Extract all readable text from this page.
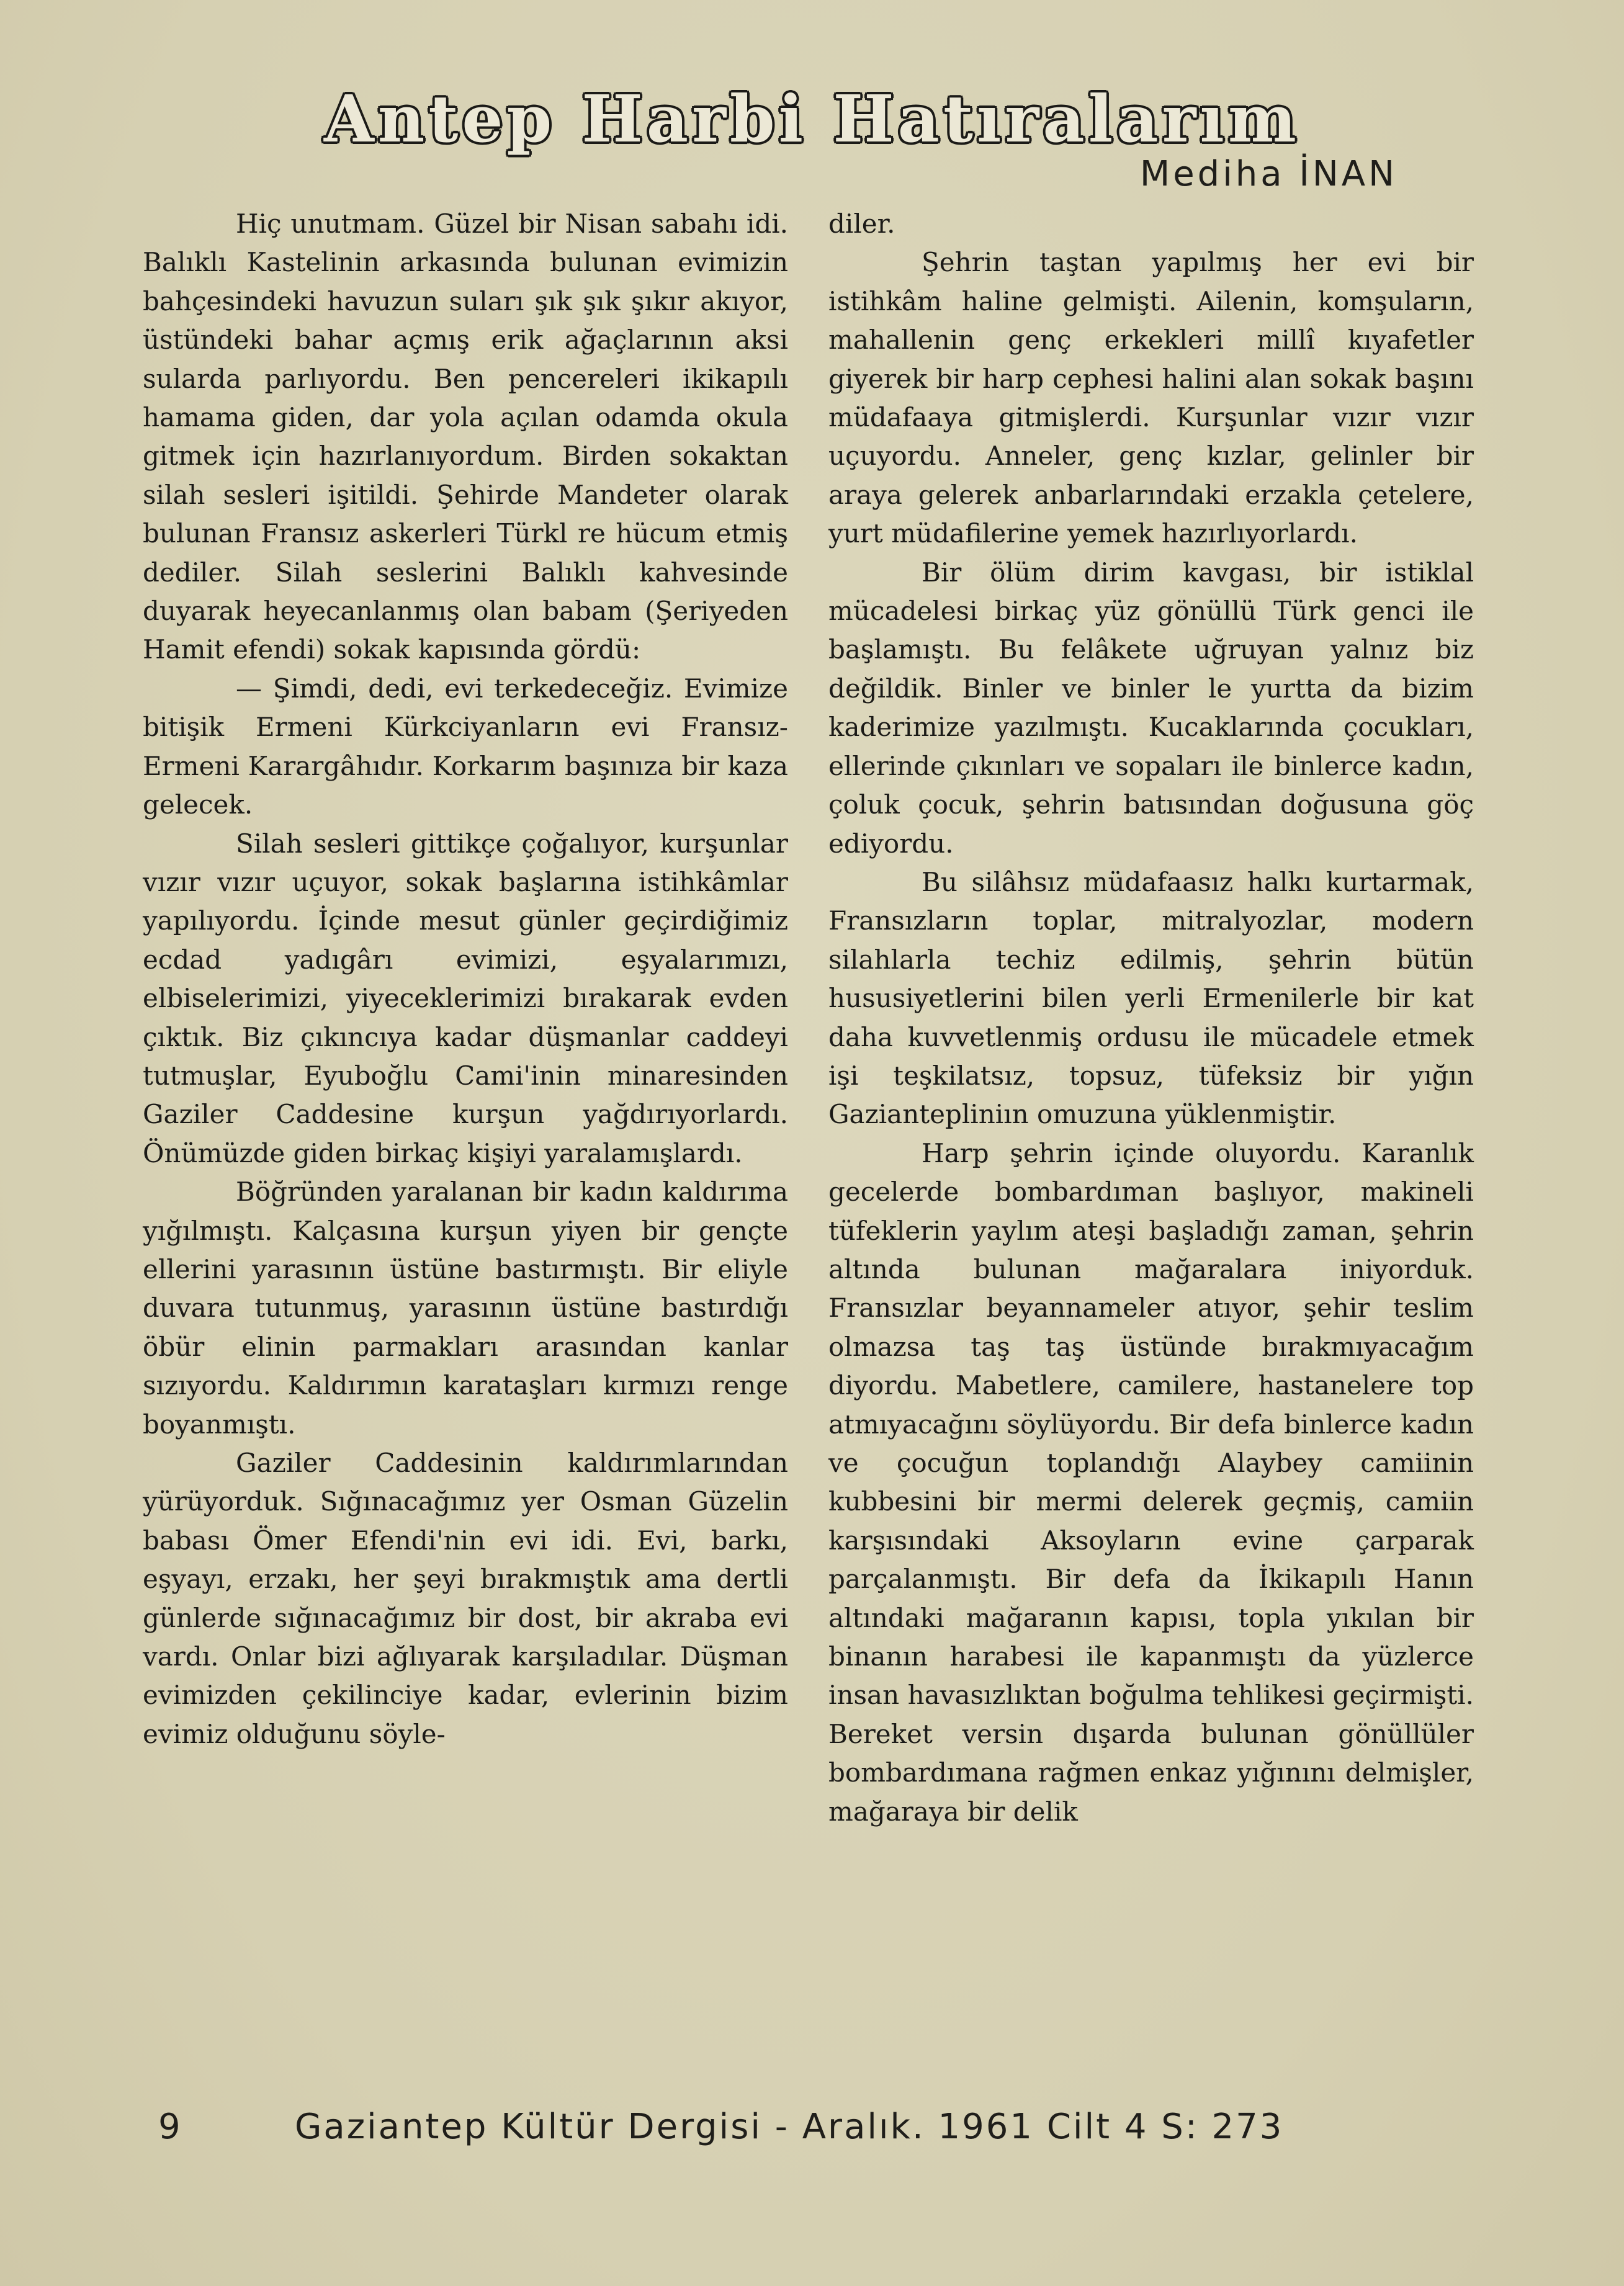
Antep Harbi Hatıralarım
Mediha İNAN

Hiç unutmam. Güzel bir Nisan sabahı idi. Balıklı Kastelinin arkasında bulunan evimizin bahçesindeki havuzun suları şık şık şıkır akıyor, üstündeki bahar açmış erik ağaçlarının aksi sularda parlıyordu. Ben pencereleri ikikapılı hamama giden, dar yola açılan odamda okula gitmek için hazırlanıyordum. Birden sokaktan silah sesleri işitildi. Şehirde Mandeter olarak bulunan Fransız askerleri Türkl re hücum etmiş dediler. Silah seslerini Balıklı kahvesinde duyarak heyecanlanmış olan babam (Şeriyeden Hamit efendi) sokak kapısında gördü:

— Şimdi, dedi, evi terkedeceğiz. Evimize bitişik Ermeni Kürkciyanların evi Fransız-Ermeni Karargâhıdır. Korkarım başınıza bir kaza gelecek.

Silah sesleri gittikçe çoğalıyor, kurşunlar vızır vızır uçuyor, sokak başlarına istihkâmlar yapılıyordu. İçinde mesut günler geçirdiğimiz ecdad yadıgârı evimizi, eşyalarımızı, elbiselerimizi, yiyeceklerimizi bırakarak evden çıktık. Biz çıkıncıya kadar düşmanlar caddeyi tutmuşlar, Eyuboğlu Cami'inin minaresinden Gaziler Caddesine kurşun yağdırıyorlardı. Önümüzde giden birkaç kişiyi yaralamışlardı.

Böğründen yaralanan bir kadın kaldırıma yığılmıştı. Kalçasına kurşun yiyen bir gençte ellerini yarasının üstüne bastırmıştı. Bir eliyle duvara tutunmuş, yarasının üstüne bastırdığı öbür elinin parmakları arasından kanlar sızıyordu. Kaldırımın karataşları kırmızı renge boyanmıştı.

Gaziler Caddesinin kaldırımlarından yürüyorduk. Sığınacağımız yer Osman Güzelin babası Ömer Efendi'nin evi idi. Evi, barkı, eşyayı, erzakı, her şeyi bırakmıştık ama dertli günlerde sığınacağımız bir dost, bir akraba evi vardı. Onlar bizi ağlıyarak karşıladılar. Düşman evimizden çekilinciye kadar, evlerinin bizim evimiz olduğunu söyle-

diler.

Şehrin taştan yapılmış her evi bir istihkâm haline gelmişti. Ailenin, komşuların, mahallenin genç erkekleri millî kıyafetler giyerek bir harp cephesi halini alan sokak başını müdafaaya gitmişlerdi. Kurşunlar vızır vızır uçuyordu. Anneler, genç kızlar, gelinler bir araya gelerek anbarlarındaki erzakla çetelere, yurt müdafilerine yemek hazırlıyorlardı.

Bir ölüm dirim kavgası, bir istiklal mücadelesi birkaç yüz gönüllü Türk genci ile başlamıştı. Bu felâkete uğruyan yalnız biz değildik. Binler ve binler le yurtta da bizim kaderimize yazılmıştı. Kucaklarında çocukları, ellerinde çıkınları ve sopaları ile binlerce kadın, çoluk çocuk, şehrin batısından doğusuna göç ediyordu.

Bu silâhsız müdafaasız halkı kurtarmak, Fransızların toplar, mitralyozlar, modern silahlarla techiz edilmiş, şehrin bütün hususiyetlerini bilen yerli Ermenilerle bir kat daha kuvvetlenmiş ordusu ile mücadele etmek işi teşkilatsız, topsuz, tüfeksiz bir yığın Gaziantepliniın omuzuna yüklenmiştir.

Harp şehrin içinde oluyordu. Karanlık gecelerde bombardıman başlıyor, makineli tüfeklerin yaylım ateşi başladığı zaman, şehrin altında bulunan mağaralara iniyorduk. Fransızlar beyannameler atıyor, şehir teslim olmazsa taş taş üstünde bırakmıyacağım diyordu. Mabetlere, camilere, hastanelere top atmıyacağını söylüyordu. Bir defa binlerce kadın ve çocuğun toplandığı Alaybey camiinin kubbesini bir mermi delerek geçmiş, camiin karşısındaki Aksoyların evine çarparak parçalanmıştı. Bir defa da İkikapılı Hanın altındaki mağaranın kapısı, topla yıkılan bir binanın harabesi ile kapanmıştı da yüzlerce insan havasızlıktan boğulma tehlikesi geçirmişti. Bereket versin dışarda bulunan gönüllüler bombardımana rağmen enkaz yığınını delmişler, mağaraya bir delik

9	Gaziantep Kültür Dergisi - Aralık. 1961 Cilt 4 S: 273
